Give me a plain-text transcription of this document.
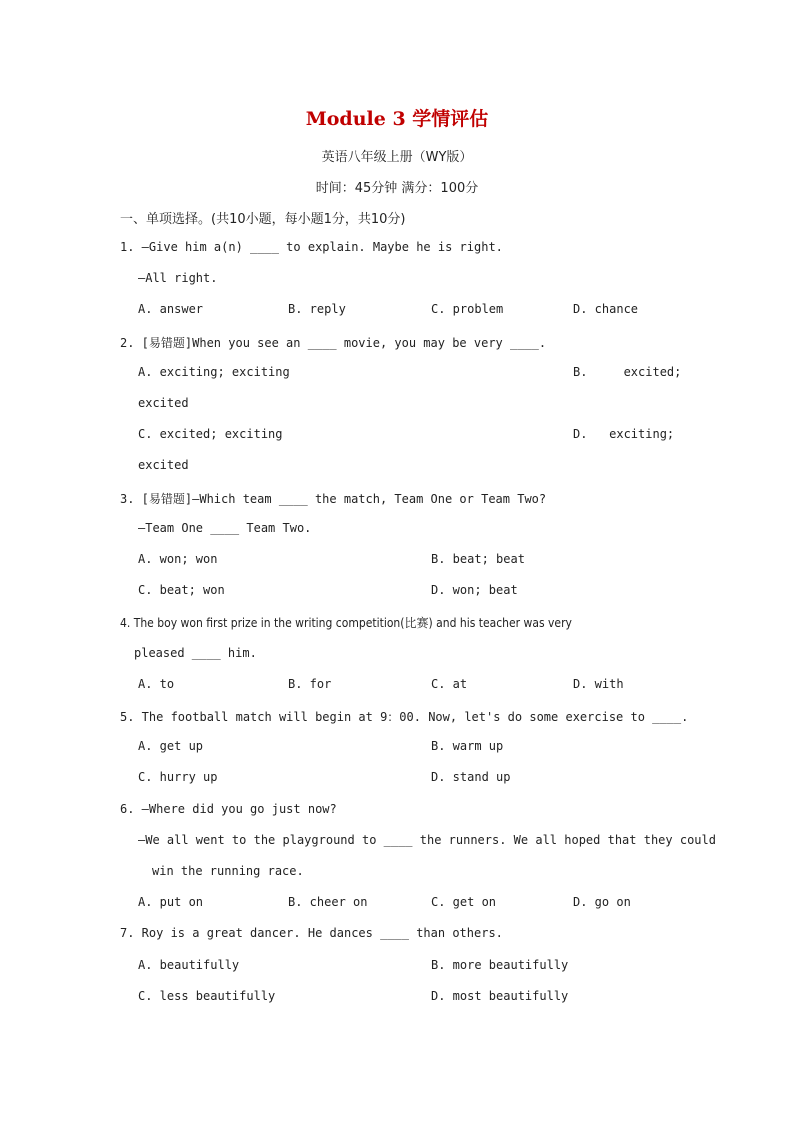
Module 3 学情评估
英语八年级上册（WY版）
时间：45分钟 满分：100分
一、单项选择。(共10小题，每小题1分，共10分)
1. —Give him a(n) ____ to explain. Maybe he is right.
—All right.
A. answer	B. reply	C. problem	D. chance
2. [易错题]When you see an ____ movie, you may be very ____.
A. exciting; exciting	B.     excited;
excited
C. excited; exciting	D.   exciting;
excited
3. [易错题]—Which team ____ the match, Team One or Team Two?
—Team One ____ Team Two.
A. won; won	B. beat; beat
C. beat; won	D. won; beat
4. The boy won first prize in the writing competition(比赛) and his teacher was very
pleased ____ him.
A. to	B. for	C. at	D. with
5. The football match will begin at 9：00. Now, let's do some exercise to ____.
A. get up	B. warm up
C. hurry up	D. stand up
6. —Where did you go just now?
—We all went to the playground to ____ the runners. We all hoped that they could
win the running race.
A. put on	B. cheer on	C. get on	D. go on
7. Roy is a great dancer. He dances ____ than others.
A. beautifully	B. more beautifully
C. less beautifully	D. most beautifully
